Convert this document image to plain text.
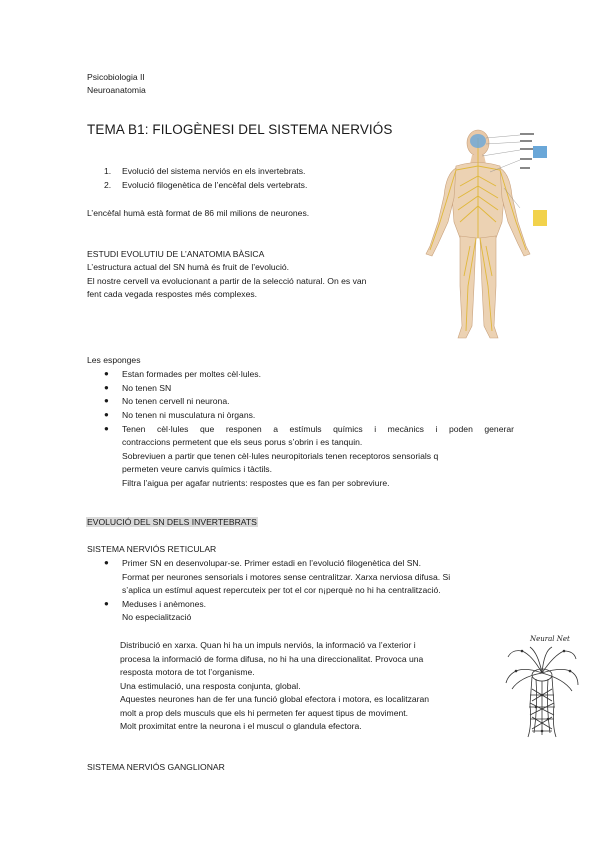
Psicobiologia II
Neuroanatomia
TEMA B1: FILOGÈNESI DEL SISTEMA NERVIÓS
1. Evolució del sistema nerviós en els invertebrats.
2. Evolució filogenètica de l’encèfal dels vertebrats.
L’encèfal humà està format de 86 mil milions de neurones.
ESTUDI EVOLUTIU DE L’ANATOMIA BÀSICA
L’estructura actual del SN humà és fruit de l’evolució.
El nostre cervell va evolucionant a partir de la selecció natural. On es van
fent cada vegada respostes més complexes.
Les esponges
● Estan formades per moltes cèl·lules.
● No tenen SN
● No tenen cervell ni neurona.
● No tenen ni musculatura ni òrgans.
● Tenen cèl·lules que responen a estímuls químics i mecànics i poden generar
contraccions permetent que els seus porus s’obrin i es tanquin.
Sobreviuen a partir que tenen cèl·lules neuropitorials tenen receptoros sensorials q
permeten veure canvis químics i tàctils.
Filtra l’aigua per agafar nutrients: respostes que es fan per sobreviure.
EVOLUCIÓ DEL SN DELS INVERTEBRATS
SISTEMA NERVIÓS RETICULAR
● Primer SN en desenvolupar-se. Primer estadi en l’evolució filogenètica del SN.
Format per neurones sensorials i motores sense centralitzar. Xarxa nerviosa difusa. Si
s’aplica un estímul aquest repercuteix per tot el cor n¡perquè no hi ha centralització.
● Meduses i anèmones.
No especialització
Distribució en xarxa. Quan hi ha un impuls nerviós, la informació va l’exterior i
procesa la informació de forma difusa, no hi ha una direccionalitat. Provoca una
resposta motora de tot l’organisme.
Una estimulació, una resposta conjunta, global.
Aquestes neurones han de fer una funció global efectora i motora, es localitzaran
molt a prop dels musculs que els hi permeten fer aquest tipus de moviment.
Molt proximitat entre la neurona i el muscul o glandula efectora.
Neural Net
SISTEMA NERVIÓS GANGLIONAR
